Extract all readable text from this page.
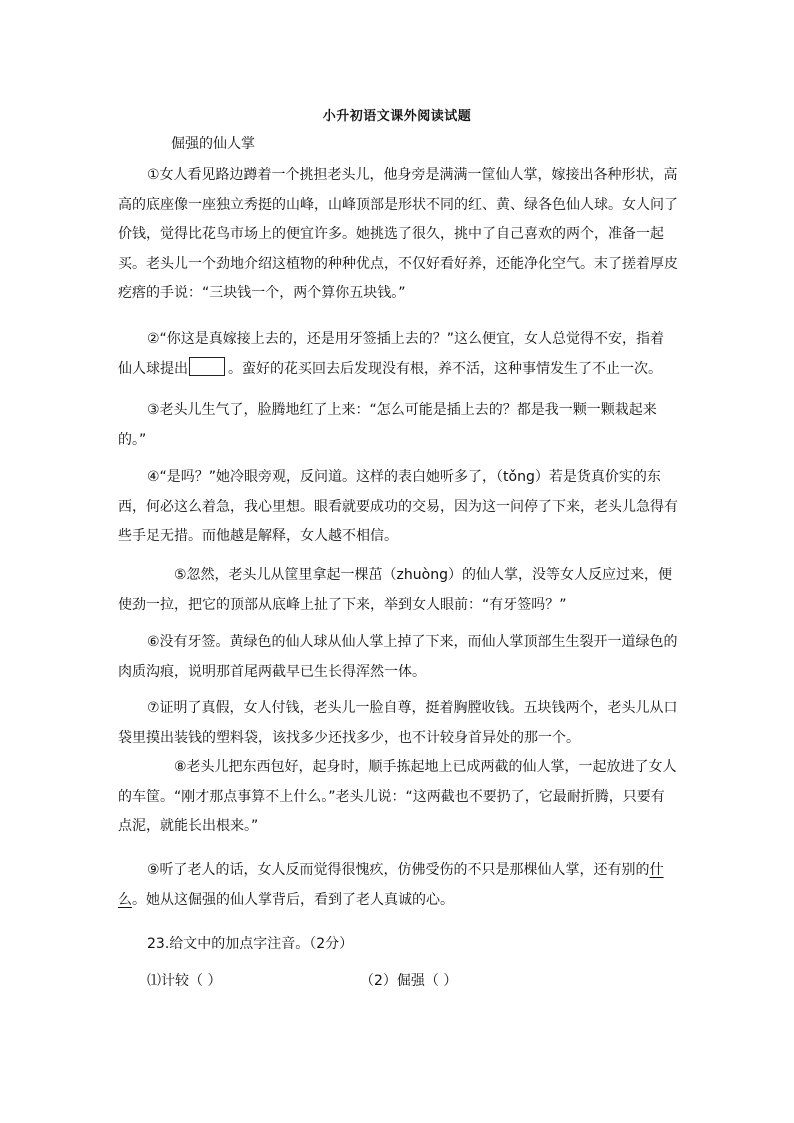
小升初语文课外阅读试题
倔强的仙人掌
①女人看见路边蹲着一个挑担老头儿，他身旁是满满一筐仙人掌，嫁接出各种形状，高高的底座像一座独立秀挺的山峰，山峰顶部是形状不同的红、黄、绿各色仙人球。女人问了价钱，觉得比花鸟市场上的便宜许多。她挑选了很久，挑中了自己喜欢的两个，准备一起买。老头儿一个劲地介绍这植物的种种优点，不仅好看好养，还能净化空气。末了搓着厚皮疙瘩的手说：“三块钱一个，两个算你五块钱。”
②“你这是真嫁接上去的，还是用牙签插上去的？”这么便宜，女人总觉得不安，指着仙人球提出	。蛮好的花买回去后发现没有根，养不活，这种事情发生了不止一次。
③老头儿生气了，脸腾地红了上来：“怎么可能是插上去的？都是我一颗一颗栽起来的。”
④“是吗？”她冷眼旁观，反问道。这样的表白她听多了，（tǒng）若是货真价实的东西，何必这么着急，我心里想。眼看就要成功的交易，因为这一问停了下来，老头儿急得有些手足无措。而他越是解释，女人越不相信。
⑤忽然，老头儿从筐里拿起一棵茁（zhuòng）的仙人掌，没等女人反应过来，便使劲一拉，把它的顶部从底峰上扯了下来，举到女人眼前：“有牙签吗？”
⑥没有牙签。黄绿色的仙人球从仙人掌上掉了下来，而仙人掌顶部生生裂开一道绿色的肉质沟痕，说明那首尾两截早已生长得浑然一体。
⑦证明了真假，女人付钱，老头儿一脸自尊，挺着胸膛收钱。五块钱两个，老头儿从口袋里摸出装钱的塑料袋，该找多少还找多少，也不计较身首异处的那一个。
⑧老头儿把东西包好，起身时，顺手拣起地上已成两截的仙人掌，一起放进了女人的车筐。“刚才那点事算不上什么。”老头儿说：“这两截也不要扔了，它最耐折腾，只要有点泥，就能长出根来。”
⑨听了老人的话，女人反而觉得很愧疚，仿佛受伤的不只是那棵仙人掌，还有别的什么。她从这倔强的仙人掌背后，看到了老人真诚的心。
23.给文中的加点字注音。（2分）
⑴计较（ ）	（2）倔强（ ）
